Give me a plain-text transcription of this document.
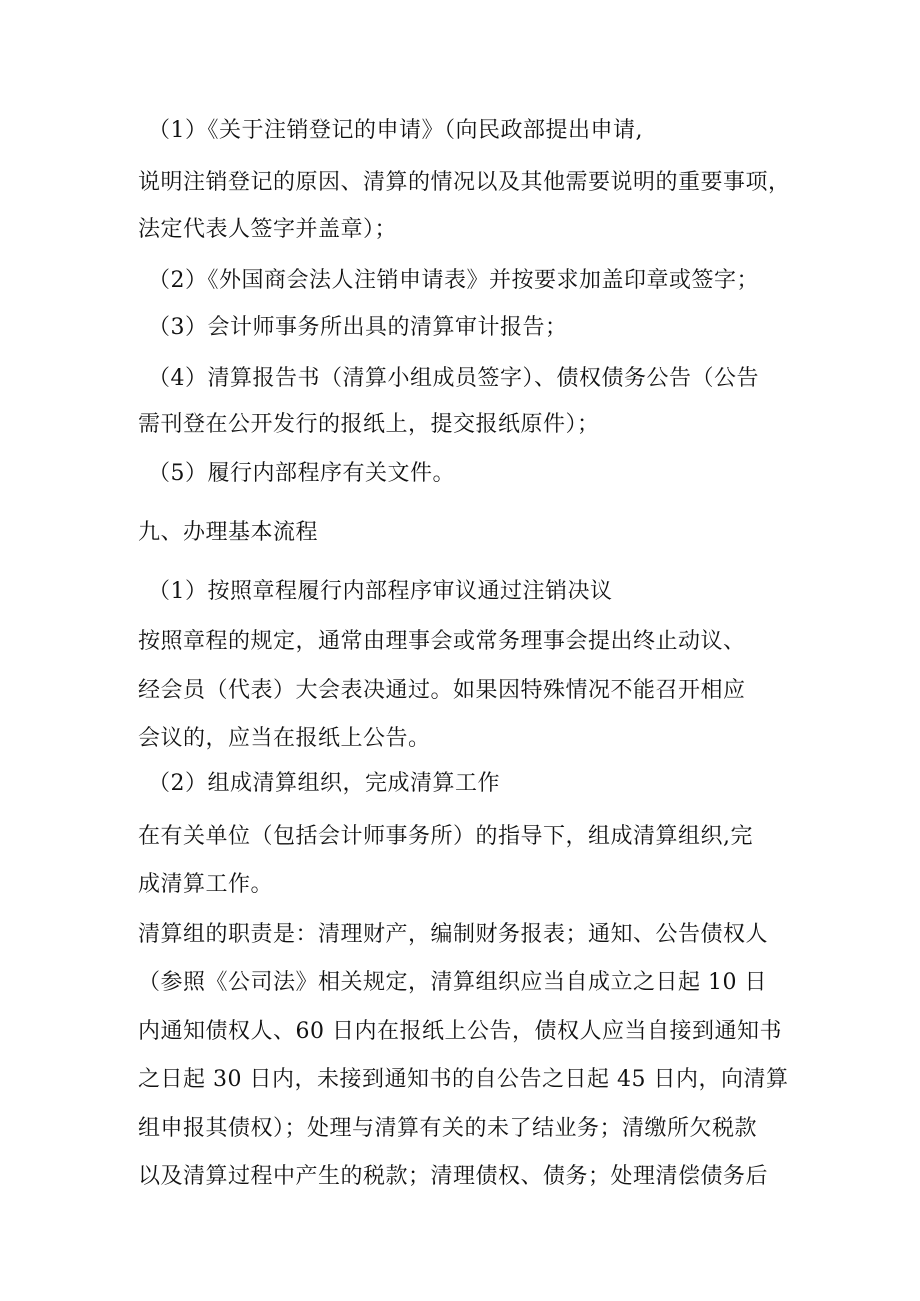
（1）《关于注销登记的申请》（向民政部提出申请,
说明注销登记的原因、清算的情况以及其他需要说明的重要事项，
法定代表人签字并盖章）；
（2）《外国商会法人注销申请表》并按要求加盖印章或签字；
（3）会计师事务所出具的清算审计报告；
（4）清算报告书（清算小组成员签字）、债权债务公告（公告
需刊登在公开发行的报纸上，提交报纸原件）；
（5）履行内部程序有关文件。
九、办理基本流程
（1）按照章程履行内部程序审议通过注销决议
按照章程的规定，通常由理事会或常务理事会提出终止动议、
经会员（代表）大会表决通过。如果因特殊情况不能召开相应
会议的，应当在报纸上公告。
（2）组成清算组织，完成清算工作
在有关单位（包括会计师事务所）的指导下，组成清算组织,完
成清算工作。
清算组的职责是：清理财产，编制财务报表；通知、公告债权人
（参照《公司法》相关规定，清算组织应当自成立之日起 10 日
内通知债权人、60 日内在报纸上公告，债权人应当自接到通知书
之日起 30 日内，未接到通知书的自公告之日起 45 日内，向清算
组申报其债权）；处理与清算有关的未了结业务；清缴所欠税款
以及清算过程中产生的税款；清理债权、债务；处理清偿债务后
